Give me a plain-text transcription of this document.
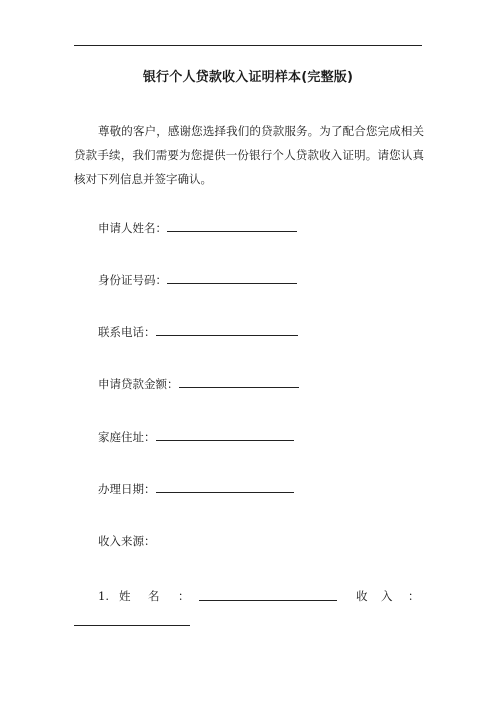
银行个人贷款收入证明样本(完整版)
尊敬的客户，感谢您选择我们的贷款服务。为了配合您完成相关贷款手续，我们需要为您提供一份银行个人贷款收入证明。请您认真核对下列信息并签字确认。
申请人姓名：
身份证号码：
联系电话：
申请贷款金额：
家庭住址：
办理日期：
收入来源：
1. 姓 名 ：	收 入 ：
